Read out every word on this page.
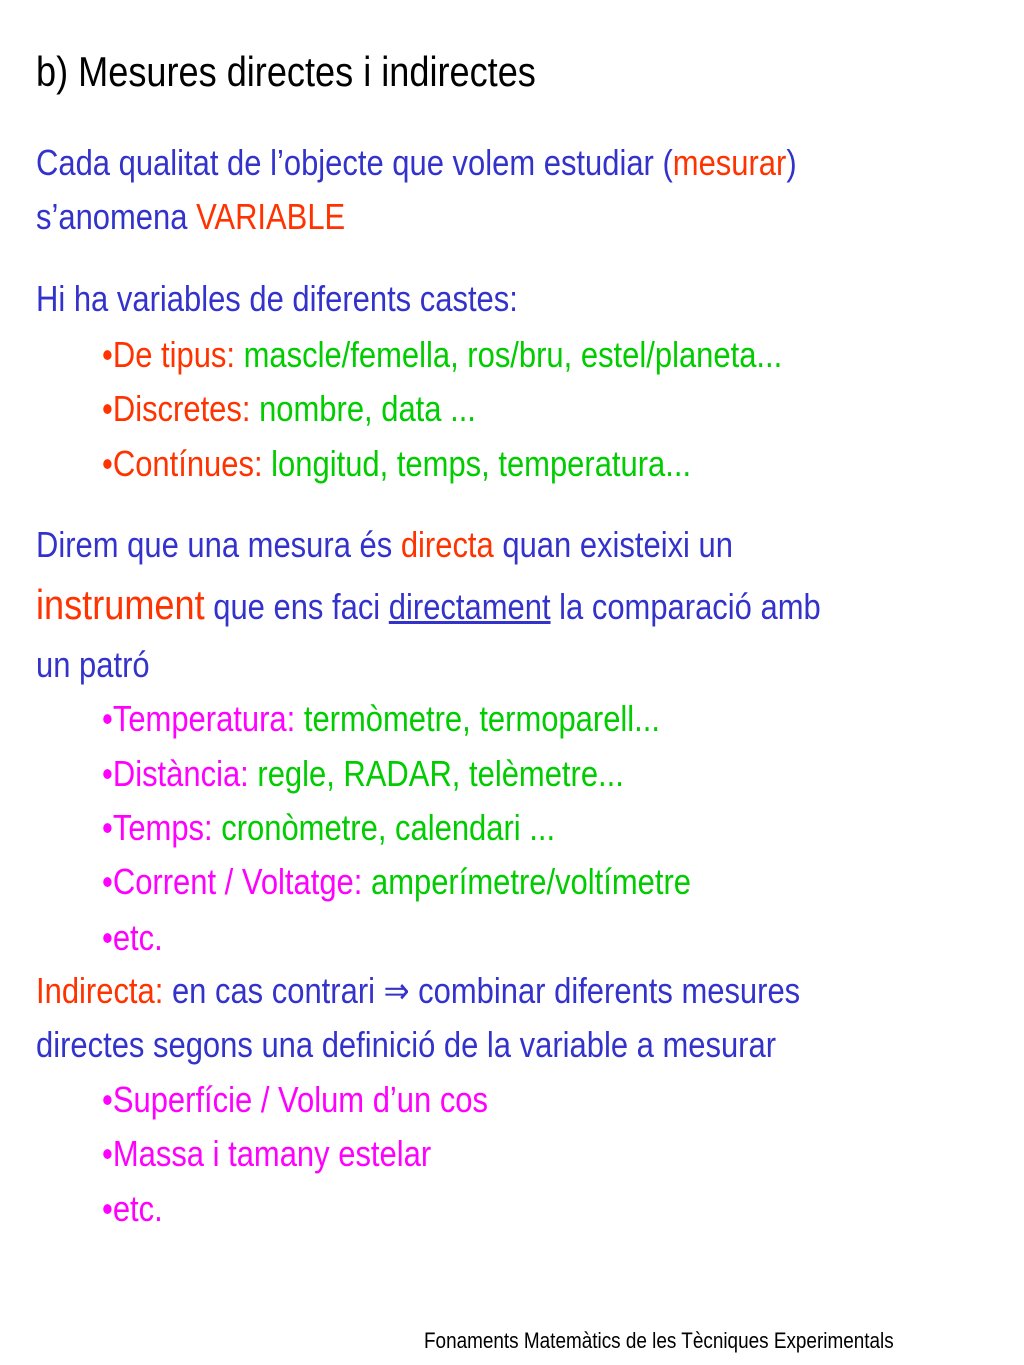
b) Mesures directes i indirectes
Cada qualitat de l’objecte que volem estudiar (mesurar)
s’anomena VARIABLE
Hi ha variables de diferents castes:
•De tipus: mascle/femella, ros/bru, estel/planeta...
•Discretes: nombre, data ...
•Contínues: longitud, temps, temperatura...
Direm que una mesura és directa quan existeixi un
instrument que ens faci directament la comparació amb
un patró
•Temperatura: termòmetre, termoparell...
•Distància: regle, RADAR, telèmetre...
•Temps: cronòmetre, calendari ...
•Corrent / Voltatge: amperímetre/voltímetre
•etc.
Indirecta: en cas contrari ⇒ combinar diferents mesures
directes segons una definició de la variable a mesurar
•Superfície / Volum d’un cos
•Massa i tamany estelar
•etc.
Fonaments Matemàtics de les Tècniques Experimentals
